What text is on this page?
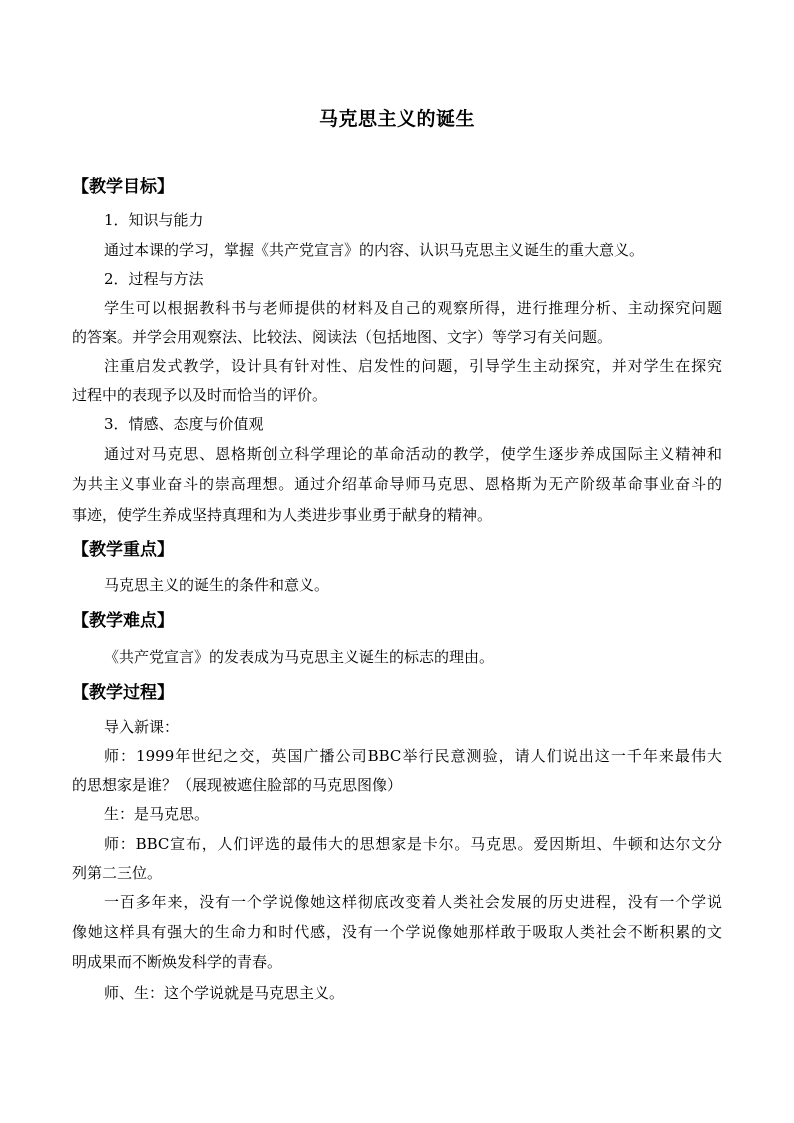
马克思主义的诞生
【教学目标】
1．知识与能力
通过本课的学习，掌握《共产党宣言》的内容、认识马克思主义诞生的重大意义。
2．过程与方法
学生可以根据教科书与老师提供的材料及自己的观察所得，进行推理分析、主动探究问题
的答案。并学会用观察法、比较法、阅读法（包括地图、文字）等学习有关问题。
注重启发式教学，设计具有针对性、启发性的问题，引导学生主动探究，并对学生在探究
过程中的表现予以及时而恰当的评价。
3．情感、态度与价值观
通过对马克思、恩格斯创立科学理论的革命活动的教学，使学生逐步养成国际主义精神和
为共主义事业奋斗的崇高理想。通过介绍革命导师马克思、恩格斯为无产阶级革命事业奋斗的
事迹，使学生养成坚持真理和为人类进步事业勇于献身的精神。
【教学重点】
马克思主义的诞生的条件和意义。
【教学难点】
《共产党宣言》的发表成为马克思主义诞生的标志的理由。
【教学过程】
导入新课：
师：1999年世纪之交，英国广播公司BBC举行民意测验，请人们说出这一千年来最伟大
的思想家是谁？（展现被遮住脸部的马克思图像）
生：是马克思。
师：BBC宣布，人们评选的最伟大的思想家是卡尔。马克思。爱因斯坦、牛顿和达尔文分
列第二三位。
一百多年来，没有一个学说像她这样彻底改变着人类社会发展的历史进程，没有一个学说
像她这样具有强大的生命力和时代感，没有一个学说像她那样敢于吸取人类社会不断积累的文
明成果而不断焕发科学的青春。
师、生：这个学说就是马克思主义。
